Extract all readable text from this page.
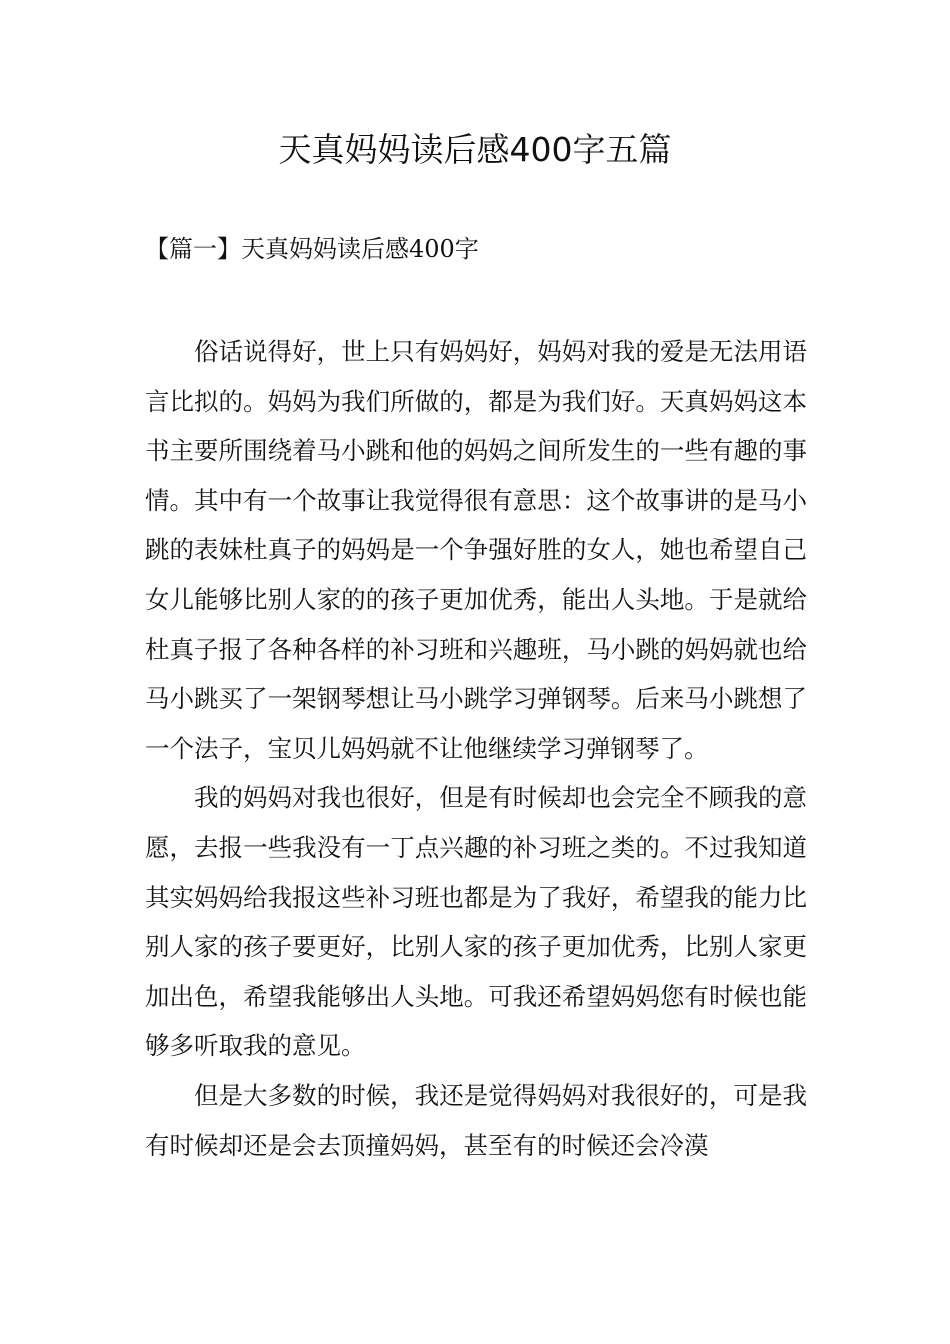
天真妈妈读后感400字五篇
【篇一】天真妈妈读后感400字

俗话说得好，世上只有妈妈好，妈妈对我的爱是无法用语言比拟的。妈妈为我们所做的，都是为我们好。天真妈妈这本书主要所围绕着马小跳和他的妈妈之间所发生的一些有趣的事情。其中有一个故事让我觉得很有意思：这个故事讲的是马小跳的表妹杜真子的妈妈是一个争强好胜的女人，她也希望自己女儿能够比别人家的的孩子更加优秀，能出人头地。于是就给杜真子报了各种各样的补习班和兴趣班，马小跳的妈妈就也给马小跳买了一架钢琴想让马小跳学习弹钢琴。后来马小跳想了一个法子，宝贝儿妈妈就不让他继续学习弹钢琴了。

我的妈妈对我也很好，但是有时候却也会完全不顾我的意愿，去报一些我没有一丁点兴趣的补习班之类的。不过我知道其实妈妈给我报这些补习班也都是为了我好，希望我的能力比别人家的孩子要更好，比别人家的孩子更加优秀，比别人家更加出色，希望我能够出人头地。可我还希望妈妈您有时候也能够多听取我的意见。

但是大多数的时候，我还是觉得妈妈对我很好的，可是我有时候却还是会去顶撞妈妈，甚至有的时候还会冷漠
